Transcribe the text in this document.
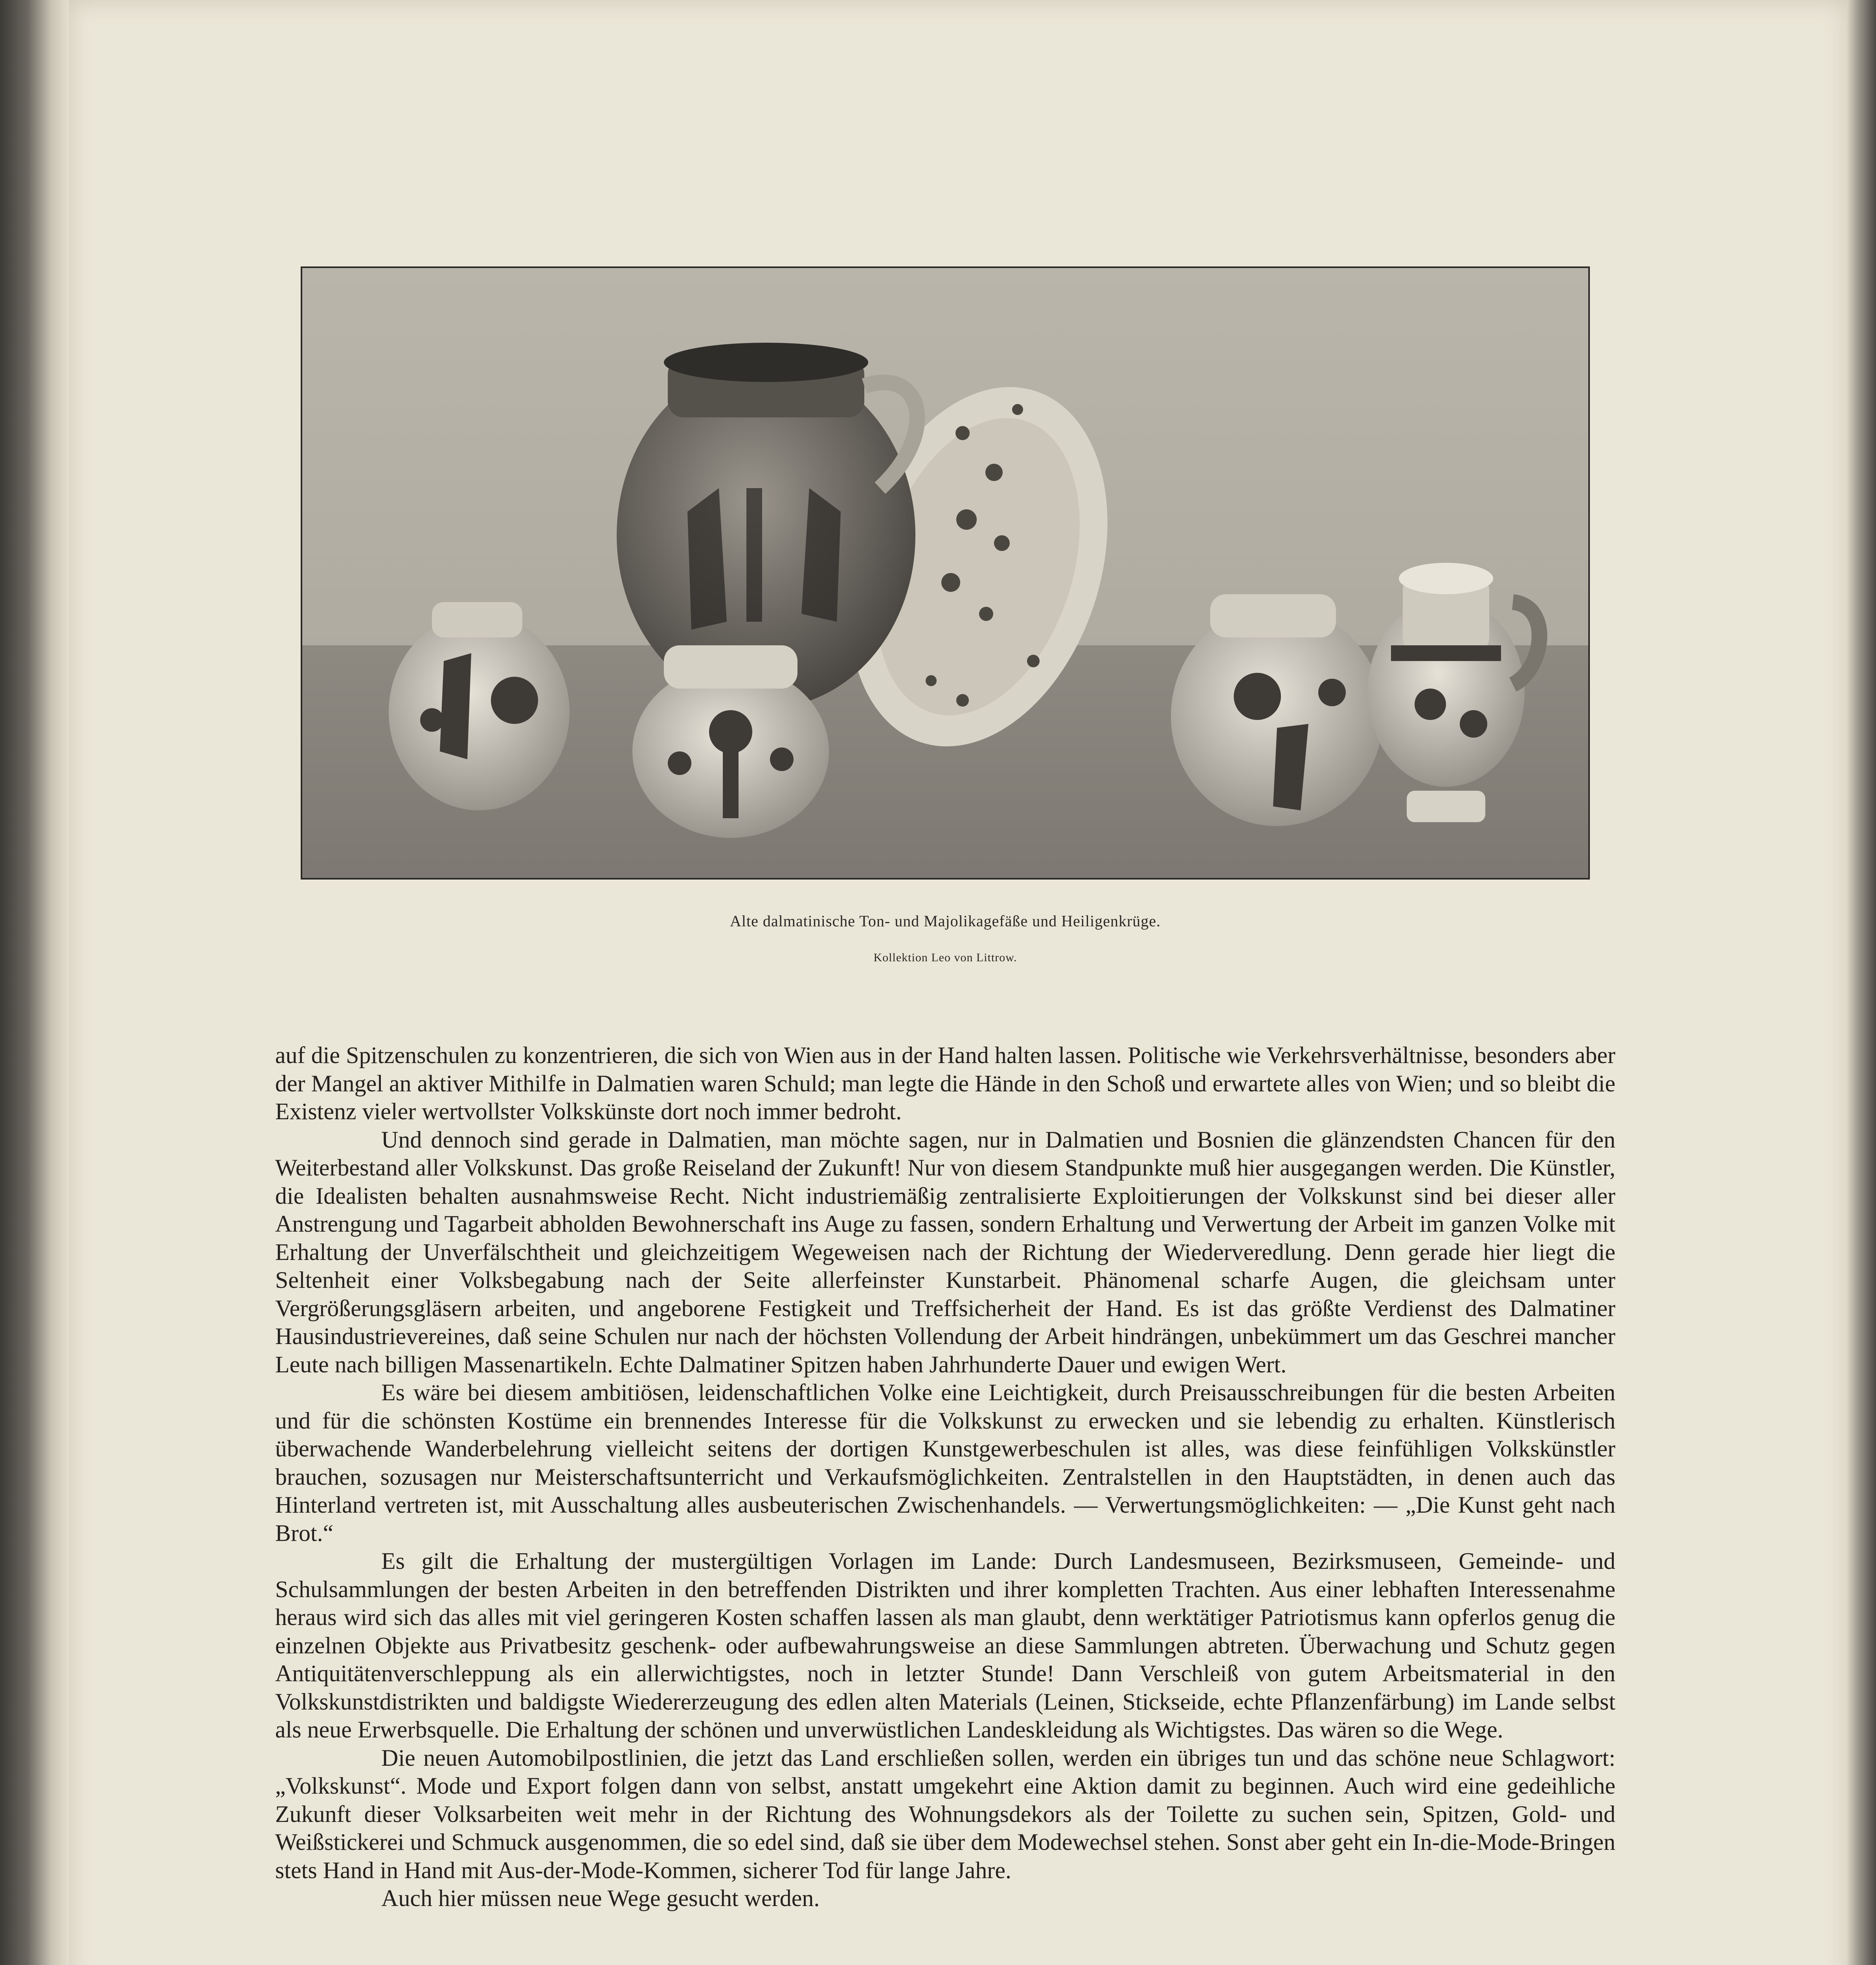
Alte dalmatinische Ton- und Majolikagefäße und Heiligenkrüge.
Kollektion Leo von Littrow.

auf die Spitzenschulen zu konzentrieren, die sich von Wien aus in der Hand halten lassen. Politische wie Verkehrsverhältnisse, besonders aber der Mangel an aktiver Mithilfe in Dalmatien waren Schuld; man legte die Hände in den Schoß und erwartete alles von Wien; und so bleibt die Existenz vieler wertvollster Volkskünste dort noch immer bedroht.

Und dennoch sind gerade in Dalmatien, man möchte sagen, nur in Dalmatien und Bosnien die glänzendsten Chancen für den Weiterbestand aller Volkskunst. Das große Reiseland der Zukunft! Nur von diesem Standpunkte muß hier ausgegangen werden. Die Künstler, die Idealisten behalten ausnahmsweise Recht. Nicht industriemäßig zentralisierte Exploitierungen der Volkskunst sind bei dieser aller Anstrengung und Tagarbeit abholden Bewohnerschaft ins Auge zu fassen, sondern Erhaltung und Verwertung der Arbeit im ganzen Volke mit Erhaltung der Unverfälschtheit und gleichzeitigem Wegeweisen nach der Richtung der Wiederveredlung. Denn gerade hier liegt die Seltenheit einer Volksbegabung nach der Seite allerfeinster Kunstarbeit. Phänomenal scharfe Augen, die gleichsam unter Vergrößerungsgläsern arbeiten, und angeborene Festigkeit und Treffsicherheit der Hand. Es ist das größte Verdienst des Dalmatiner Hausindustrievereines, daß seine Schulen nur nach der höchsten Vollendung der Arbeit hindrängen, unbekümmert um das Geschrei mancher Leute nach billigen Massenartikeln. Echte Dalmatiner Spitzen haben Jahrhunderte Dauer und ewigen Wert.

Es wäre bei diesem ambitiösen, leidenschaftlichen Volke eine Leichtigkeit, durch Preisausschreibungen für die besten Arbeiten und für die schönsten Kostüme ein brennendes Interesse für die Volkskunst zu erwecken und sie lebendig zu erhalten. Künstlerisch überwachende Wanderbelehrung vielleicht seitens der dortigen Kunstgewerbeschulen ist alles, was diese feinfühligen Volkskünstler brauchen, sozusagen nur Meisterschaftsunterricht und Verkaufsmöglichkeiten. Zentralstellen in den Hauptstädten, in denen auch das Hinterland vertreten ist, mit Ausschaltung alles ausbeuterischen Zwischenhandels. — Verwertungsmöglichkeiten: — „Die Kunst geht nach Brot.“

Es gilt die Erhaltung der mustergültigen Vorlagen im Lande: Durch Landesmuseen, Bezirksmuseen, Gemeinde- und Schulsammlungen der besten Arbeiten in den betreffenden Distrikten und ihrer kompletten Trachten. Aus einer lebhaften Interessenahme heraus wird sich das alles mit viel geringeren Kosten schaffen lassen als man glaubt, denn werktätiger Patriotismus kann opferlos genug die einzelnen Objekte aus Privatbesitz geschenk- oder aufbewahrungsweise an diese Sammlungen abtreten. Überwachung und Schutz gegen Antiquitätenverschleppung als ein allerwichtigstes, noch in letzter Stunde! Dann Verschleiß von gutem Arbeitsmaterial in den Volkskunstdistrikten und baldigste Wiedererzeugung des edlen alten Materials (Leinen, Stickseide, echte Pflanzenfärbung) im Lande selbst als neue Erwerbsquelle. Die Erhaltung der schönen und unverwüstlichen Landeskleidung als Wichtigstes. Das wären so die Wege.

Die neuen Automobilpostlinien, die jetzt das Land erschließen sollen, werden ein übriges tun und das schöne neue Schlagwort: „Volkskunst“. Mode und Export folgen dann von selbst, anstatt umgekehrt eine Aktion damit zu beginnen. Auch wird eine gedeihliche Zukunft dieser Volksarbeiten weit mehr in der Richtung des Wohnungsdekors als der Toilette zu suchen sein, Spitzen, Gold- und Weißstickerei und Schmuck ausgenommen, die so edel sind, daß sie über dem Modewechsel stehen. Sonst aber geht ein In-die-Mode-Bringen stets Hand in Hand mit Aus-der-Mode-Kommen, sicherer Tod für lange Jahre.

Auch hier müssen neue Wege gesucht werden.
